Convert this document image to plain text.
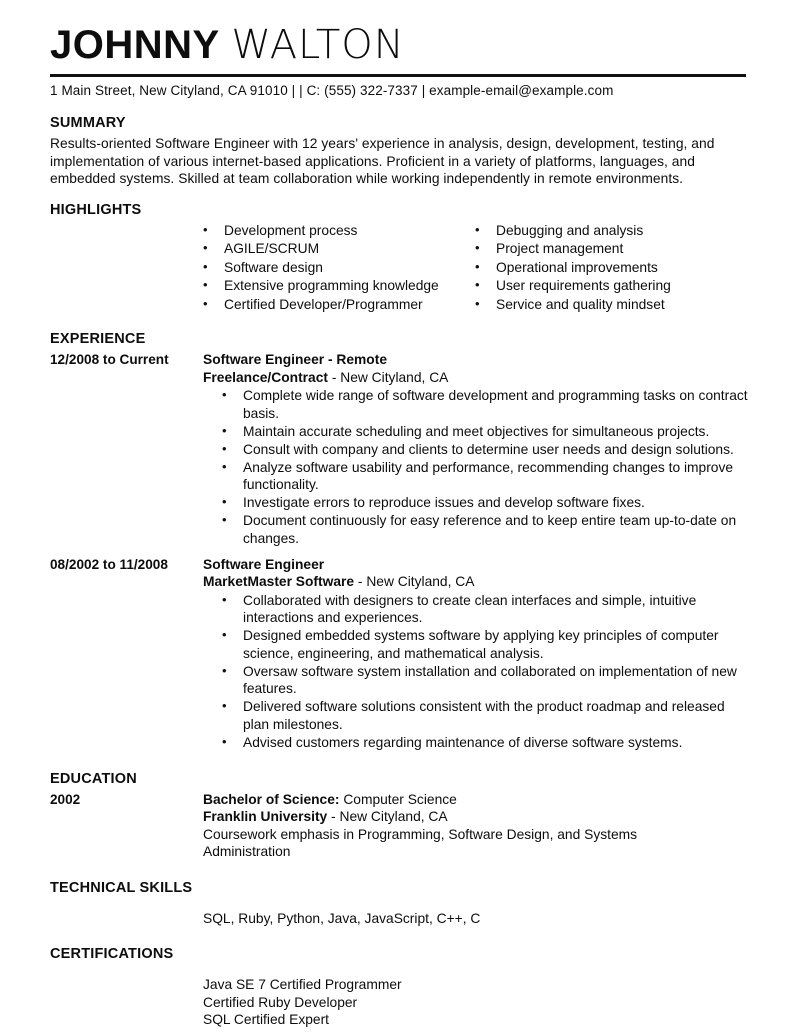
JOHNNY WALTON
1 Main Street, New Cityland, CA 91010 | | C: (555) 322-7337 | example-email@example.com
SUMMARY
Results-oriented Software Engineer with 12 years' experience in analysis, design, development, testing, and implementation of various internet-based applications. Proficient in a variety of platforms, languages, and embedded systems. Skilled at team collaboration while working independently in remote environments.
HIGHLIGHTS
• Development process
• AGILE/SCRUM
• Software design
• Extensive programming knowledge
• Certified Developer/Programmer
• Debugging and analysis
• Project management
• Operational improvements
• User requirements gathering
• Service and quality mindset
EXPERIENCE
12/2008 to Current	Software Engineer - Remote
Freelance/Contract - New Cityland, CA
• Complete wide range of software development and programming tasks on contract basis.
• Maintain accurate scheduling and meet objectives for simultaneous projects.
• Consult with company and clients to determine user needs and design solutions.
• Analyze software usability and performance, recommending changes to improve functionality.
• Investigate errors to reproduce issues and develop software fixes.
• Document continuously for easy reference and to keep entire team up-to-date on changes.
08/2002 to 11/2008	Software Engineer
MarketMaster Software - New Cityland, CA
• Collaborated with designers to create clean interfaces and simple, intuitive interactions and experiences.
• Designed embedded systems software by applying key principles of computer science, engineering, and mathematical analysis.
• Oversaw software system installation and collaborated on implementation of new features.
• Delivered software solutions consistent with the product roadmap and released plan milestones.
• Advised customers regarding maintenance of diverse software systems.
EDUCATION
2002	Bachelor of Science: Computer Science
Franklin University - New Cityland, CA
Coursework emphasis in Programming, Software Design, and Systems Administration
TECHNICAL SKILLS
SQL, Ruby, Python, Java, JavaScript, C++, C
CERTIFICATIONS
Java SE 7 Certified Programmer
Certified Ruby Developer
SQL Certified Expert
